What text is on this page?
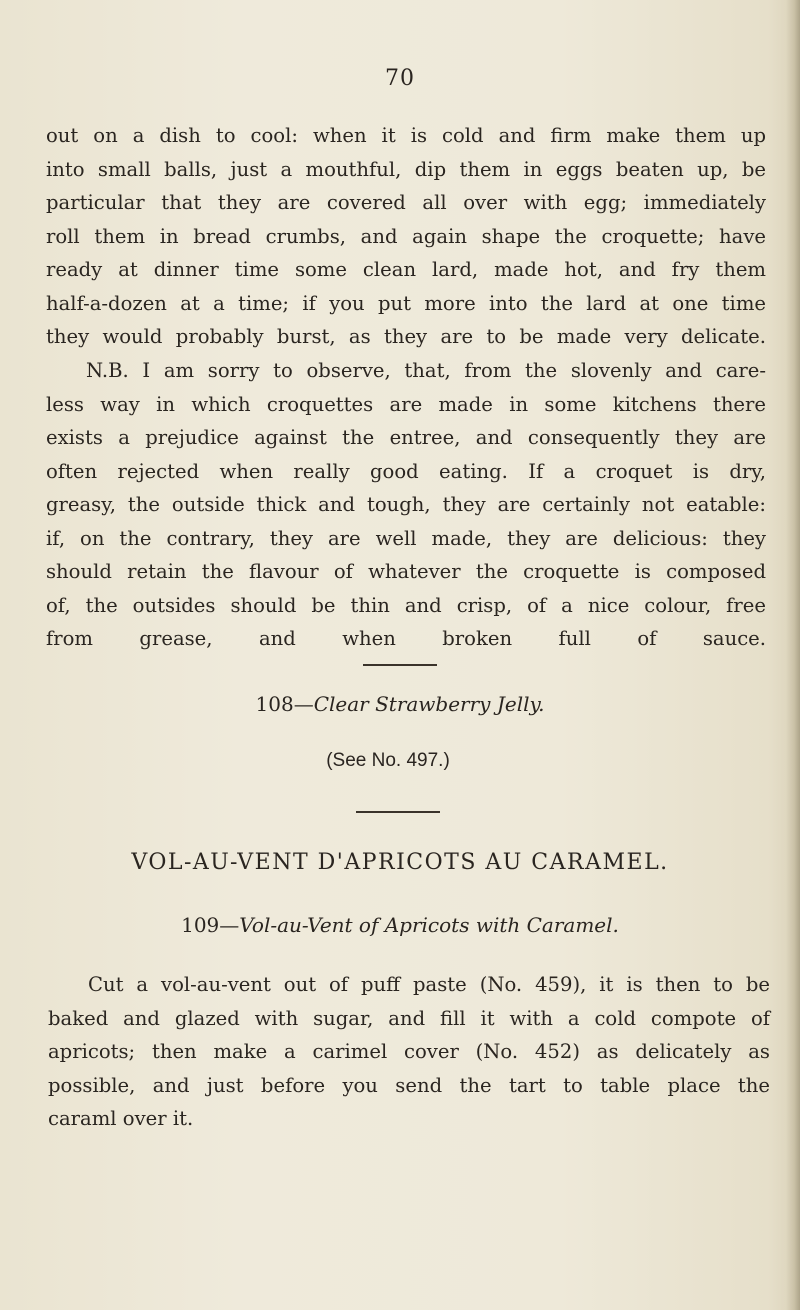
70
out on a dish to cool: when it is cold and firm make them up
into small balls, just a mouthful, dip them in eggs beaten up, be
particular that they are covered all over with egg; immediately
roll them in bread crumbs, and again shape the croquette; have
ready at dinner time some clean lard, made hot, and fry them
half-a-dozen at a time; if you put more into the lard at one time
they would probably burst, as they are to be made very delicate.
N.B. I am sorry to observe, that, from the slovenly and care-
less way in which croquettes are made in some kitchens there
exists a prejudice against the entree, and consequently they are
often rejected when really good eating. If a croquet is dry,
greasy, the outside thick and tough, they are certainly not eatable:
if, on the contrary, they are well made, they are delicious: they
should retain the flavour of whatever the croquette is composed
of, the outsides should be thin and crisp, of a nice colour, free
from grease, and when broken full of sauce.
108—Clear Strawberry Jelly.
(See No. 497.)
VOL-AU-VENT D'APRICOTS AU CARAMEL.
109—Vol-au-Vent of Apricots with Caramel.
Cut a vol-au-vent out of puff paste (No. 459), it is then to be
baked and glazed with sugar, and fill it with a cold compote of
apricots; then make a carimel cover (No. 452) as delicately as
possible, and just before you send the tart to table place the
caraml over it.
